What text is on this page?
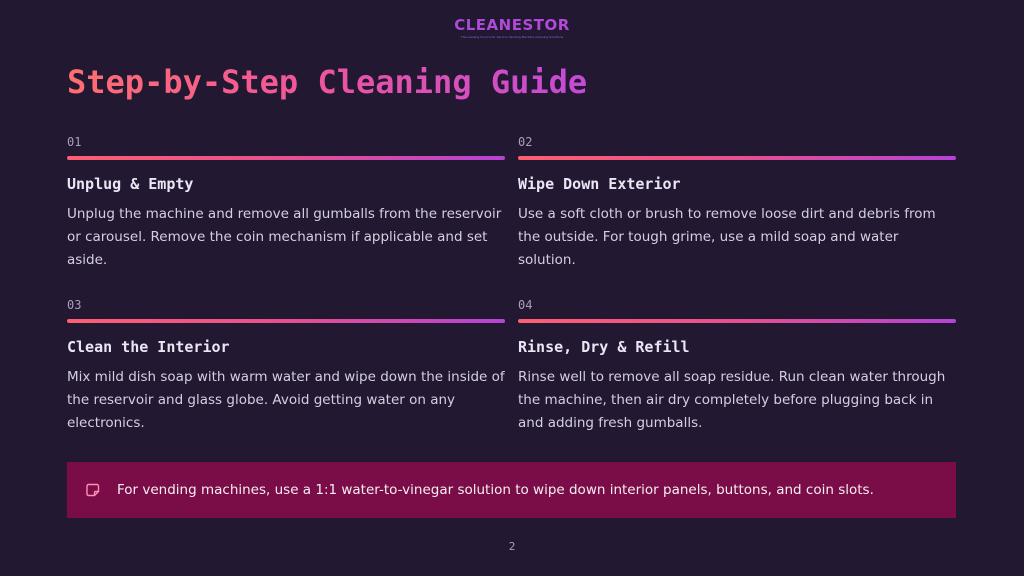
CLEANESTOR
The Leading Source for Service Vending Machine Cleaning Solutions
Step-by-Step Cleaning Guide
01
Unplug & Empty
Unplug the machine and remove all gumballs from the reservoir or carousel. Remove the coin mechanism if applicable and set aside.
02
Wipe Down Exterior
Use a soft cloth or brush to remove loose dirt and debris from the outside. For tough grime, use a mild soap and water solution.
03
Clean the Interior
Mix mild dish soap with warm water and wipe down the inside of the reservoir and glass globe. Avoid getting water on any electronics.
04
Rinse, Dry & Refill
Rinse well to remove all soap residue. Run clean water through the machine, then air dry completely before plugging back in and adding fresh gumballs.
For vending machines, use a 1:1 water-to-vinegar solution to wipe down interior panels, buttons, and coin slots.
2
